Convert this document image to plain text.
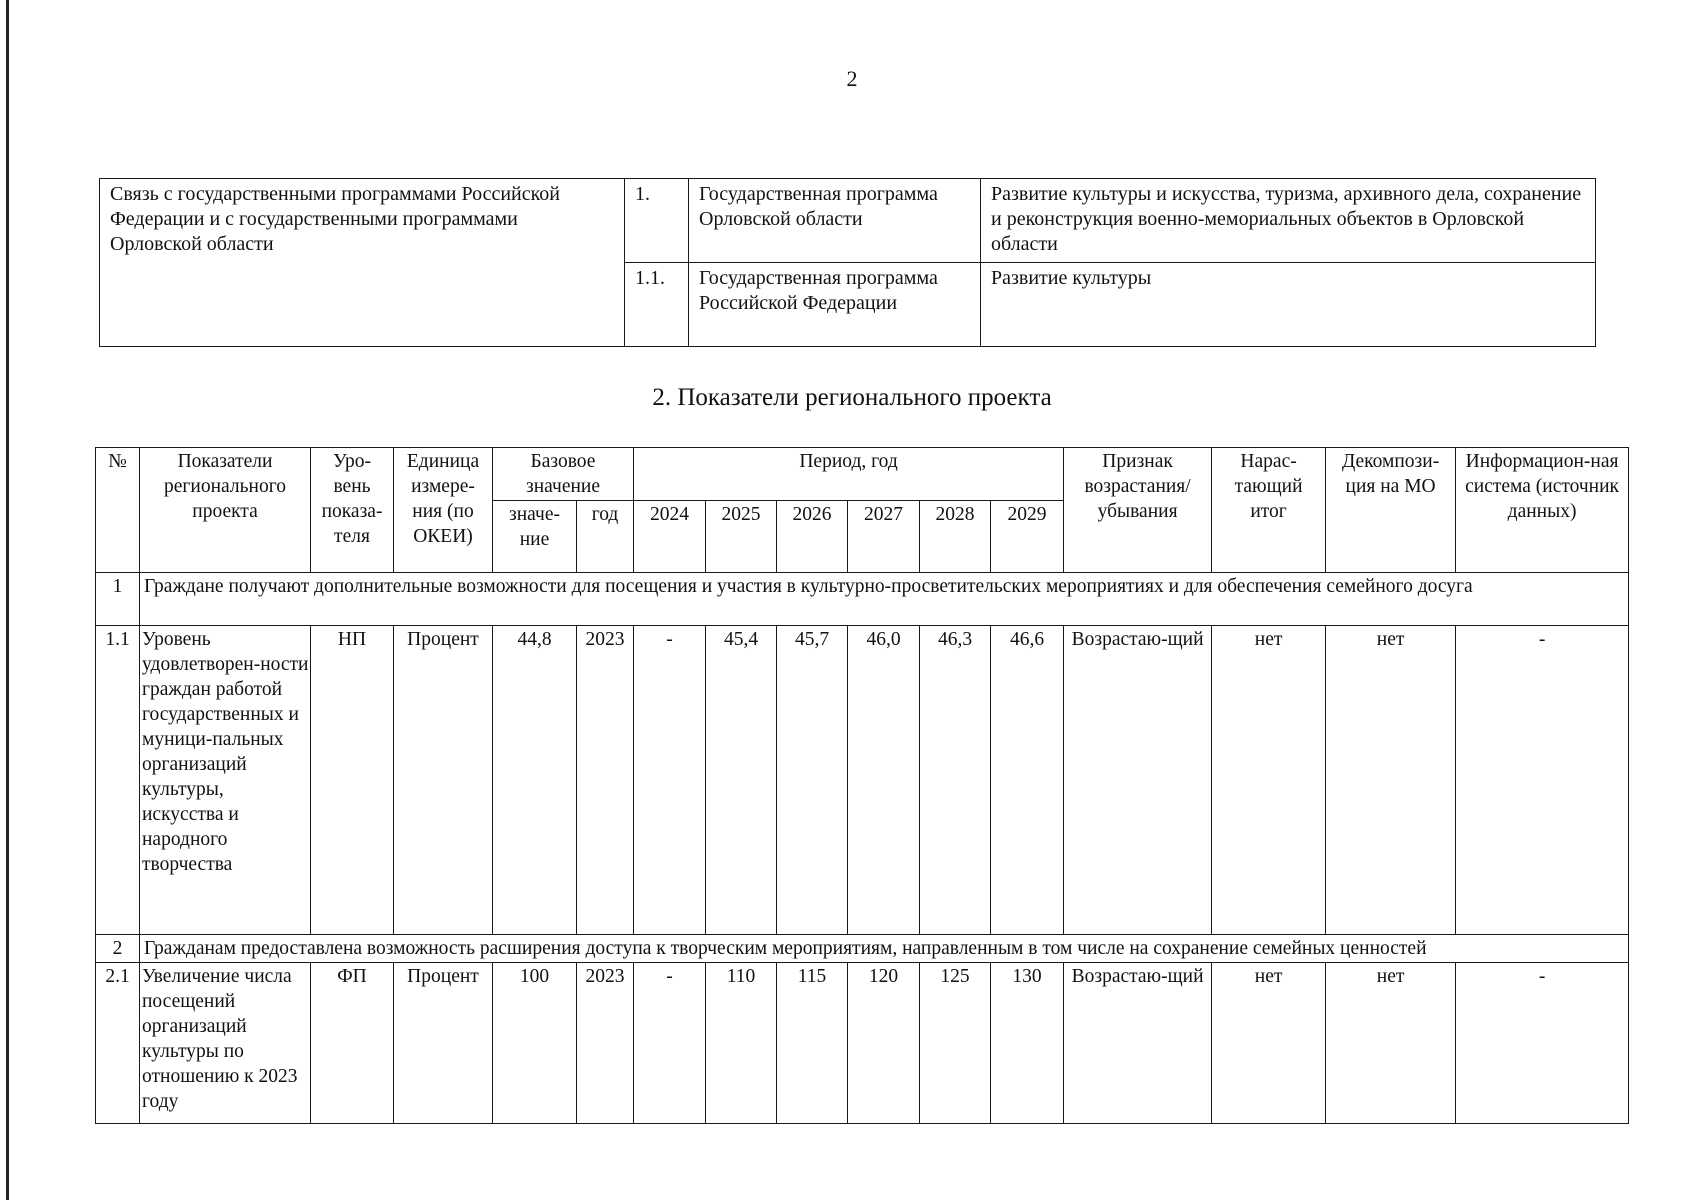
2
Связь с государственными программами Российской Федерации и с государственными программами Орловской области	1.	Государственная программа Орловской области	Развитие культуры и искусства, туризма, архивного дела, сохранение и реконструкция военно-мемориальных объектов в Орловской области
	1.1.	Государственная программа Российской Федерации	Развитие культуры
2. Показатели регионального проекта
№	Показатели регионального проекта	Уро-вень показа-теля	Единица измере-ния (по ОКЕИ)	Базовое значение		Период, год						Признак возрастания/ убывания	Нарас-тающий итог	Декомпози-ция на МО	Информацион-ная система (источник данных)
				значе-ние	год	2024	2025	2026	2027	2028	2029				
1	Граждане получают дополнительные возможности для посещения и участия в культурно-просветительских мероприятиях и для обеспечения семейного досуга														
1.1	Уровень удовлетворен-ности граждан работой государственных и муници-пальных организаций культуры, искусства и народного творчества	НП	Процент	44,8	2023	-	45,4	45,7	46,0	46,3	46,6	Возрастаю-щий	нет	нет	-
2	Гражданам предоставлена возможность расширения доступа к творческим мероприятиям, направленным в том числе на сохранение семейных ценностей														
2.1	Увеличение числа посещений организаций культуры по отношению к 2023 году	ФП	Процент	100	2023	-	110	115	120	125	130	Возрастаю-щий	нет	нет	-
